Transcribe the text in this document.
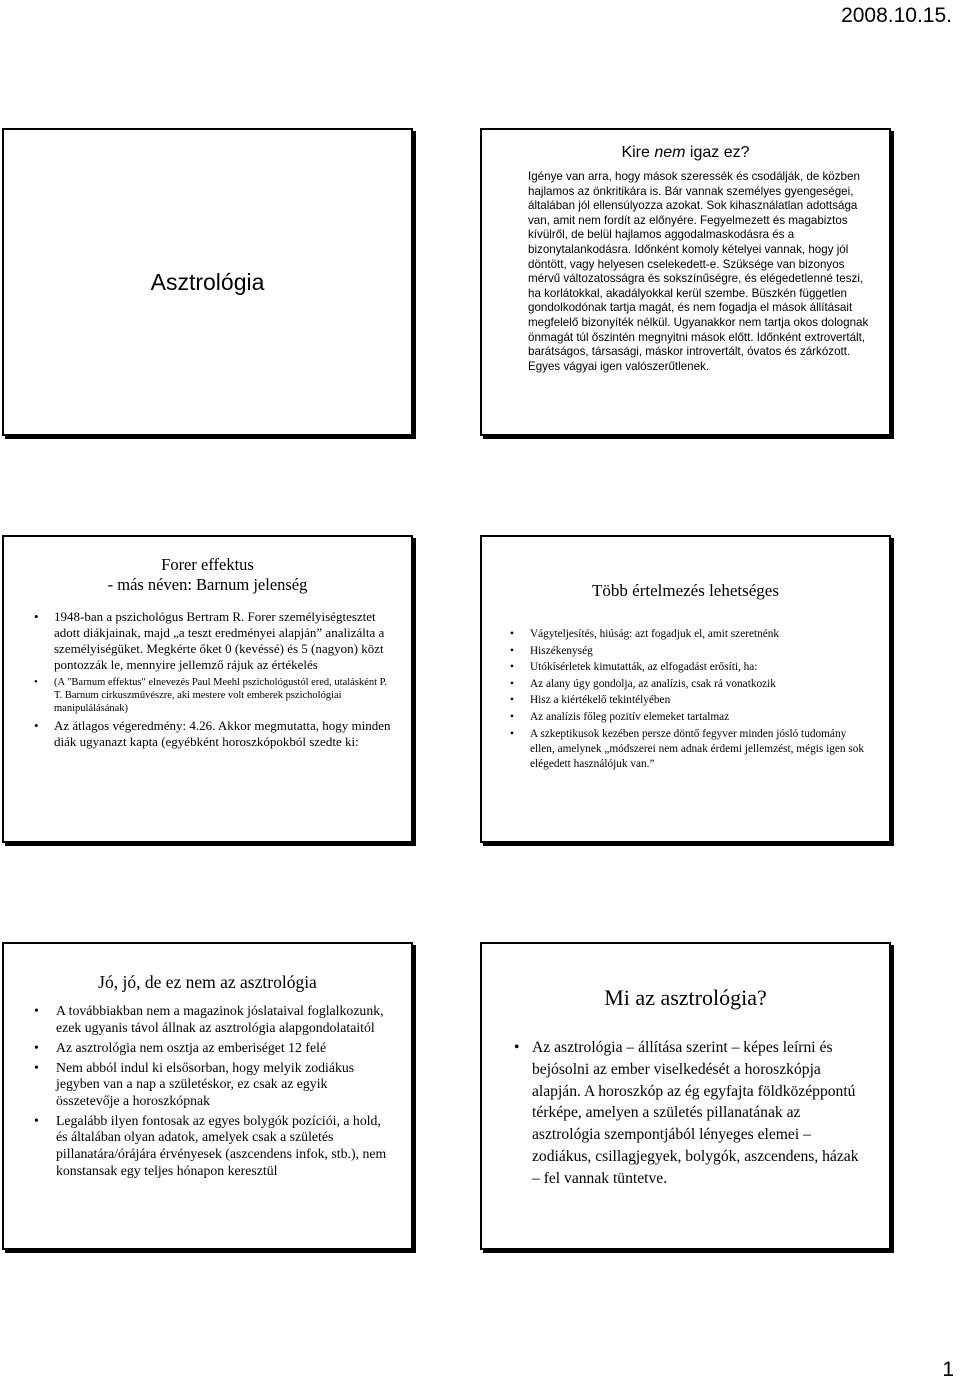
2008.10.15.
Asztrológia
Kire nem igaz ez?
Igénye van arra, hogy mások szeressék és csodálják, de közben hajlamos az önkritikára is. Bár vannak személyes gyengeségei, általában jól ellensúlyozza azokat. Sok kihasználatlan adottsága van, amit nem fordít az előnyére. Fegyelmezett és magabiztos kívülről, de belül hajlamos aggodalmaskodásra és a bizonytalankodásra. Időnként komoly kételyei vannak, hogy jól döntött, vagy helyesen cselekedett-e. Szüksége van bizonyos mérvű változatosságra és sokszínűségre, és elégedetlenné teszi, ha korlátokkal, akadályokkal kerül szembe. Büszkén független gondolkodónak tartja magát, és nem fogadja el mások állításait megfelelő bizonyíték nélkül. Ugyanakkor nem tartja okos dolognak önmagát túl őszintén megnyitni mások előtt. Időnként extrovertált, barátságos, társasági, máskor introvertált, óvatos és zárkózott. Egyes vágyai igen valószerűtlenek.
Forer effektus
- más néven: Barnum jelenség
• 1948-ban a pszichológus Bertram R. Forer személyiségtesztet adott diákjainak, majd „a teszt eredményei alapján” analizálta a személyiségüket. Megkérte őket 0 (kevéssé) és 5 (nagyon) közt pontozzák le, mennyire jellemző rájuk az értékelés
• (A "Barnum effektus" elnevezés Paul Meehl pszichológustól ered, utalásként P. T. Barnum cirkuszművészre, aki mestere volt emberek pszichológiai manipulálásának)
• Az átlagos végeredmény: 4.26. Akkor megmutatta, hogy minden diák ugyanazt kapta (egyébként horoszkópokból szedte ki:
Több értelmezés lehetséges
• Vágyteljesítés, hiúság: azt fogadjuk el, amit szeretnénk
• Hiszékenység
• Utókísérletek kimutatták, az elfogadást erősíti, ha:
• Az alany úgy gondolja, az analízis, csak rá vonatkozik
• Hisz a kiértékelő tekintélyében
• Az analízis főleg pozitív elemeket tartalmaz
• A szkeptikusok kezében persze döntő fegyver minden jósló tudomány ellen, amelynek „módszerei nem adnak érdemi jellemzést, mégis igen sok elégedett használójuk van.”
Jó, jó, de ez nem az asztrológia
• A továbbiakban nem a magazinok jóslataival foglalkozunk, ezek ugyanis távol állnak az asztrológia alapgondolataitól
• Az asztrológia nem osztja az emberiséget 12 felé
• Nem abból indul ki elsősorban, hogy melyik zodiákus jegyben van a nap a születéskor, ez csak az egyik összetevője a horoszkópnak
• Legalább ilyen fontosak az egyes bolygók pozíciói, a hold, és általában olyan adatok, amelyek csak a születés pillanatára/órájára érvényesek (aszcendens infok, stb.), nem konstansak egy teljes hónapon keresztül
Mi az asztrológia?
• Az asztrológia – állítása szerint – képes leírni és bejósolni az ember viselkedését a horoszkópja alapján. A horoszkóp az ég egyfajta földközéppontú térképe, amelyen a születés pillanatának az asztrológia szempontjából lényeges elemei – zodiákus, csillagjegyek, bolygók, aszcendens, házak – fel vannak tüntetve.
1
